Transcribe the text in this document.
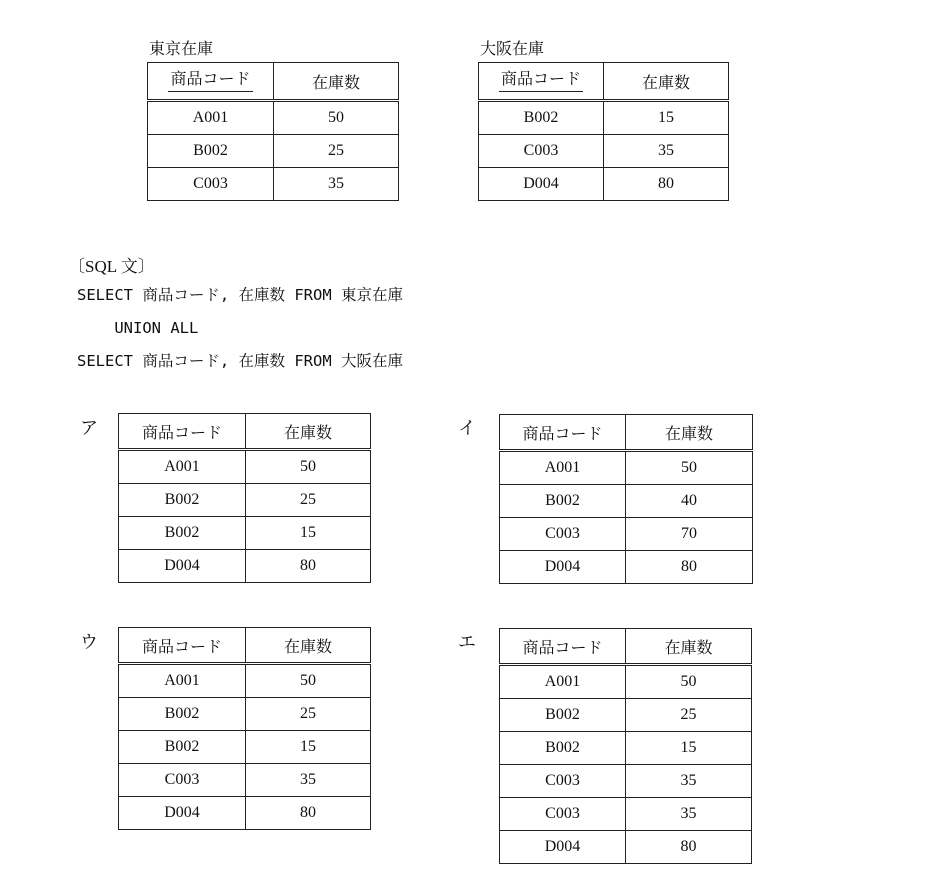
東京在庫
商品コード	在庫数
A001	50
B002	25
C003	35
大阪在庫
商品コード	在庫数
B002	15
C003	35
D004	80
〔SQL 文〕
SELECT 商品コード, 在庫数 FROM 東京在庫
UNION ALL
SELECT 商品コード, 在庫数 FROM 大阪在庫
ア	商品コード	在庫数
A001	50
B002	25
B002	15
D004	80
イ	商品コード	在庫数
A001	50
B002	40
C003	70
D004	80
ウ	商品コード	在庫数
A001	50
B002	25
B002	15
C003	35
D004	80
エ	商品コード	在庫数
A001	50
B002	25
B002	15
C003	35
C003	35
D004	80
